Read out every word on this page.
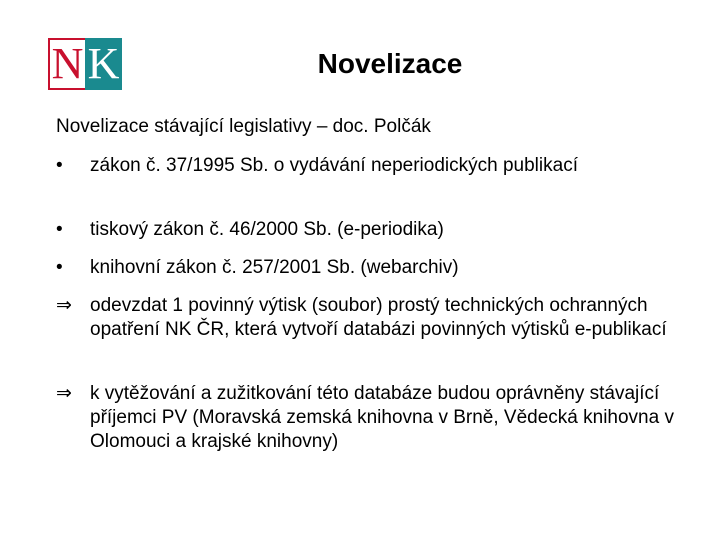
N K	Novelizace

Novelizace stávající legislativy – doc. Polčák

•	zákon č. 37/1995 Sb. o vydávání neperiodických publikací
•	tiskový zákon č. 46/2000 Sb. (e-periodika)
•	knihovní zákon č. 257/2001 Sb. (webarchiv)
⇒ odevzdat 1 povinný výtisk (soubor) prostý technických ochranných opatření NK ČR, která vytvoří databázi povinných výtisků e-publikací
⇒ k vytěžování a zužitkování této databáze budou oprávněny stávající příjemci PV (Moravská zemská knihovna v Brně, Vědecká knihovna v Olomouci a krajské knihovny)
